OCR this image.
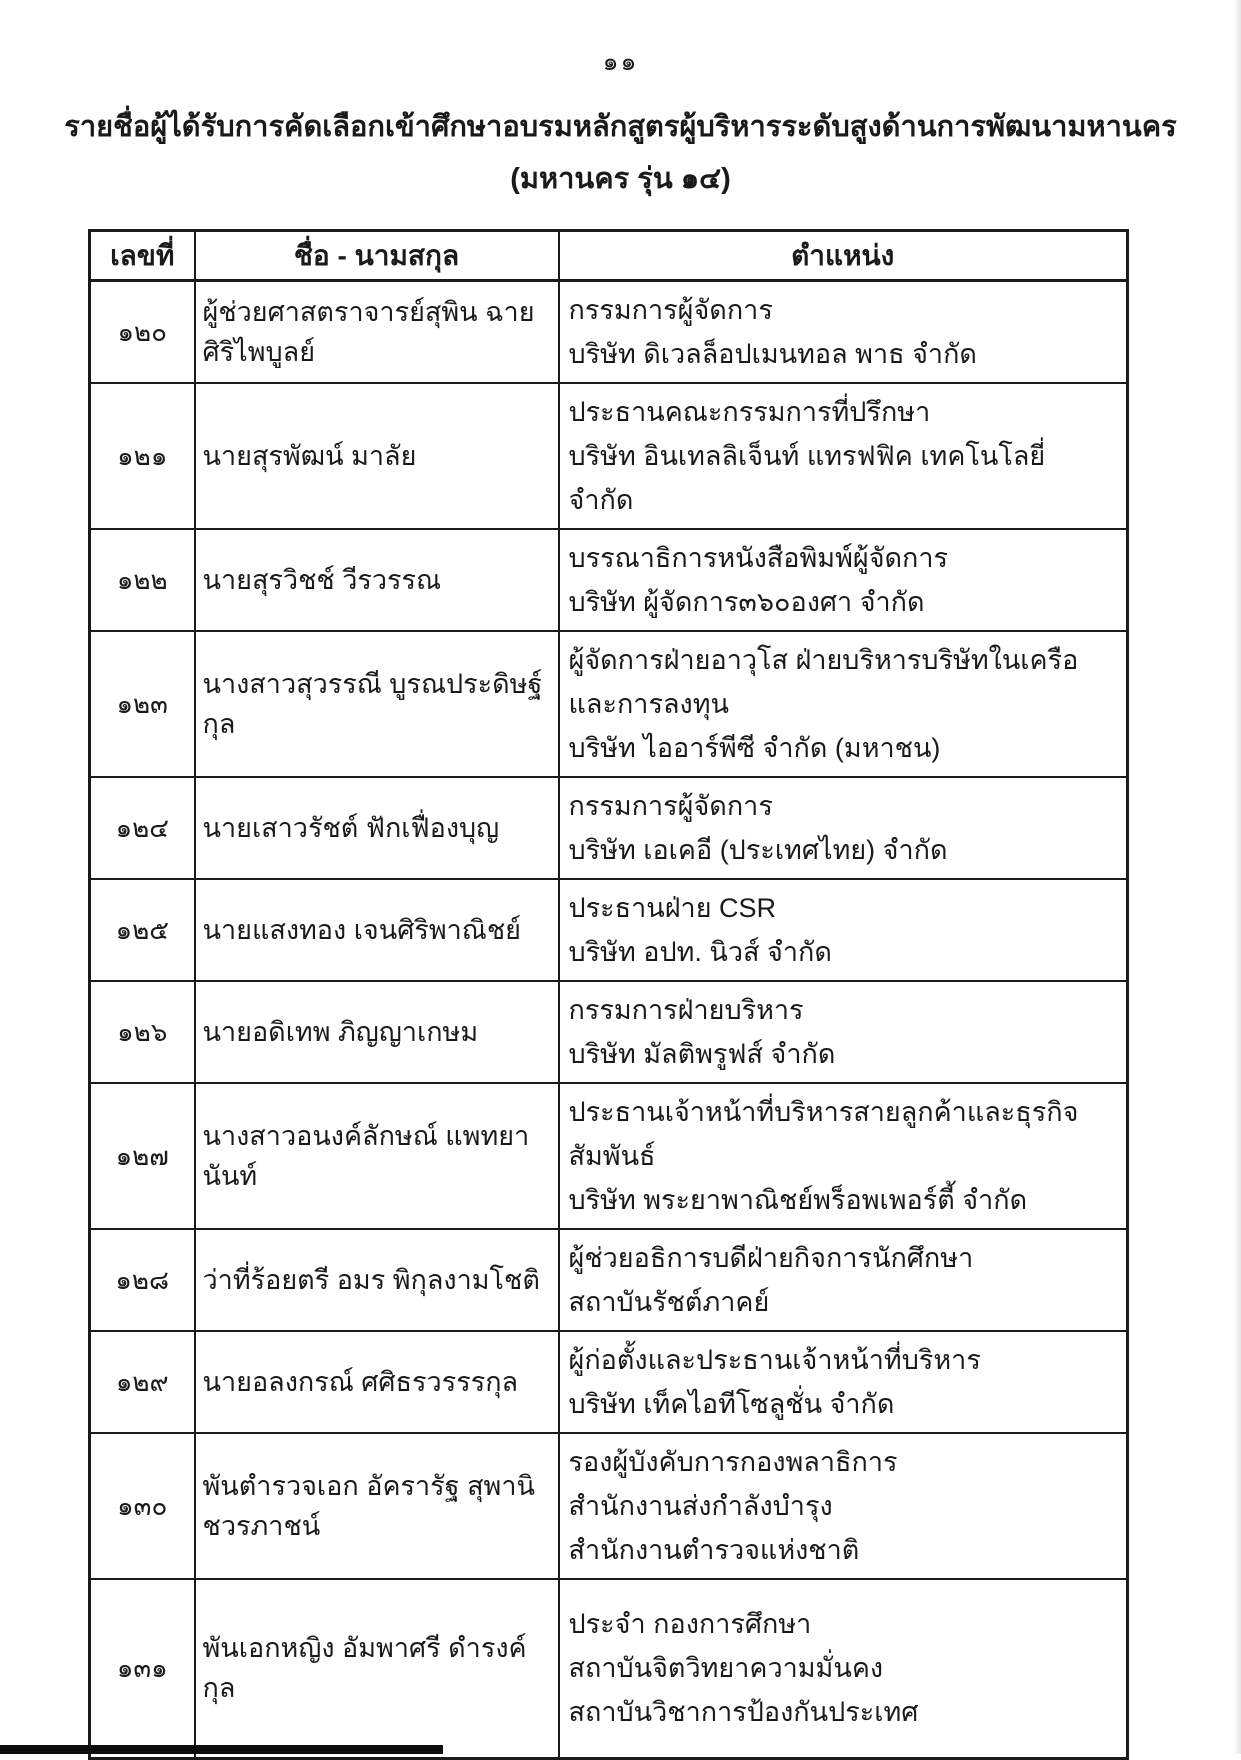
๑๑
รายชื่อผู้ได้รับการคัดเลือกเข้าศึกษาอบรมหลักสูตรผู้บริหารระดับสูงด้านการพัฒนามหานคร
(มหานคร รุ่น ๑๔)
เลขที่	ชื่อ - นามสกุล	ตำแหน่ง
๑๒๐	ผู้ช่วยศาสตราจารย์สุพิน ฉายศิริไพบูลย์	กรรมการผู้จัดการ
บริษัท ดิเวลล็อปเมนทอล พาธ จำกัด

๑๒๑	นายสุรพัฒน์ มาลัย	ประธานคณะกรรมการที่ปรึกษา
บริษัท อินเทลลิเจ็นท์ แทรฟฟิค เทคโนโลยี่ จำกัด

๑๒๒	นายสุรวิชช์ วีรวรรณ	บรรณาธิการหนังสือพิมพ์ผู้จัดการ
บริษัท ผู้จัดการ๓๖๐องศา จำกัด

๑๒๓	นางสาวสุวรรณี บูรณประดิษฐ์กุล	ผู้จัดการฝ่ายอาวุโส ฝ่ายบริหารบริษัทในเครือ
และการลงทุน
บริษัท ไออาร์พีซี จำกัด (มหาชน)

๑๒๔	นายเสาวรัชต์ ฟักเฟื่องบุญ	กรรมการผู้จัดการ
บริษัท เอเคอี (ประเทศไทย) จำกัด

๑๒๕	นายแสงทอง เจนศิริพาณิชย์	ประธานฝ่าย CSR
บริษัท อปท. นิวส์ จำกัด

๑๒๖	นายอดิเทพ ภิญญาเกษม	กรรมการฝ่ายบริหาร
บริษัท มัลติพรูฟส์ จำกัด

๑๒๗	นางสาวอนงค์ลักษณ์ แพทยานันท์	ประธานเจ้าหน้าที่บริหารสายลูกค้าและธุรกิจสัมพันธ์
บริษัท พระยาพาณิชย์พร็อพเพอร์ตี้ จำกัด

๑๒๘	ว่าที่ร้อยตรี อมร พิกุลงามโชติ	ผู้ช่วยอธิการบดีฝ่ายกิจการนักศึกษา
สถาบันรัชต์ภาคย์

๑๒๙	นายอลงกรณ์ ศศิธรวรรรกุล	ผู้ก่อตั้งและประธานเจ้าหน้าที่บริหาร
บริษัท เท็คไอทีโซลูชั่น จำกัด

๑๓๐	พันตำรวจเอก อัครารัฐ สุพานิชวรภาชน์	รองผู้บังคับการกองพลาธิการ
สำนักงานส่งกำลังบำรุง
สำนักงานตำรวจแห่งชาติ

๑๓๑	พันเอกหญิง อัมพาศรี ดำรงค์กุล	ประจำ กองการศึกษา
สถาบันจิตวิทยาความมั่นคง
สถาบันวิชาการป้องกันประเทศ
